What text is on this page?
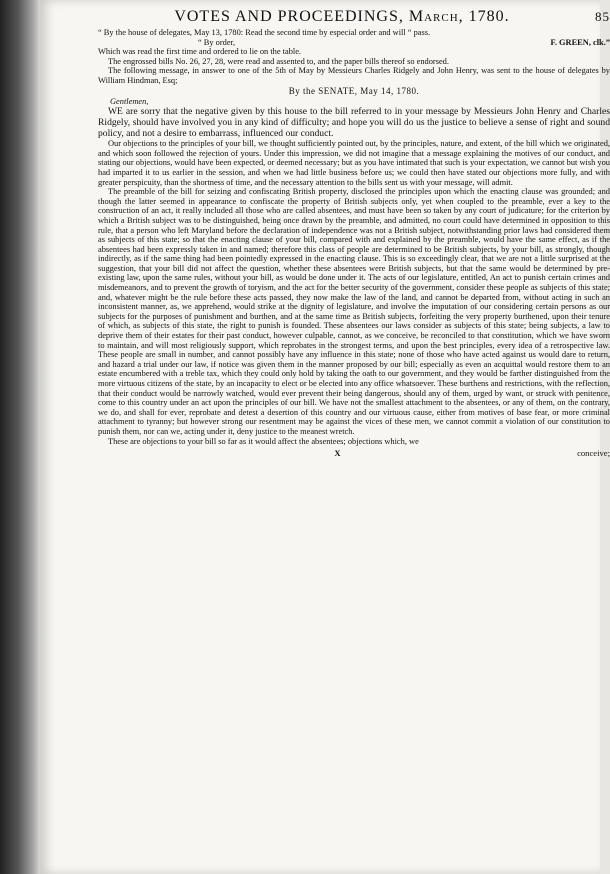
VOTES AND PROCEEDINGS, March, 1780.	85

“ By the house of delegates, May 13, 1780: Read the second time by especial order and will “ pass.

“ By order,	F. GREEN, clk.”

Which was read the first time and ordered to lie on the table.

The engrossed bills No. 26, 27, 28, were read and assented to, and the paper bills thereof so endorsed.

The following message, in answer to one of the 5th of May by Messieurs Charles Ridgely and John Henry, was sent to the house of delegates by William Hindman, Esq;

By the SENATE, May 14, 1780.
Gentlemen,

WE are sorry that the negative given by this house to the bill referred to in your message by Messieurs John Henry and Charles Ridgely, should have involved you in any kind of difficulty; and hope you will do us the justice to believe a sense of right and sound policy, and not a desire to embarrass, influenced our conduct.

Our objections to the principles of your bill, we thought sufficiently pointed out, by the principles, nature, and extent, of the bill which we originated, and which soon followed the rejection of yours. Under this impression, we did not imagine that a message explaining the motives of our conduct, and stating our objections, would have been expected, or deemed necessary; but as you have intimated that such is your expectation, we cannot but wish you had imparted it to us earlier in the session, and when we had little business before us; we could then have stated our objections more fully, and with greater perspicuity, than the shortness of time, and the necessary attention to the bills sent us with your message, will admit.

The preamble of the bill for seizing and confiscating British property, disclosed the principles upon which the enacting clause was grounded; and though the latter seemed in appearance to confiscate the property of British subjects only, yet when coupled to the preamble, ever a key to the construction of an act, it really included all those who are called absentees, and must have been so taken by any court of judicature; for the criterion by which a British subject was to be distinguished, being once drawn by the preamble, and admitted, no court could have determined in opposition to this rule, that a person who left Maryland before the declaration of independence was not a British subject, notwithstanding prior laws had considered them as subjects of this state; so that the enacting clause of your bill, compared with and explained by the preamble, would have the same effect, as if the absentees had been expressly taken in and named; therefore this class of people are determined to be British subjects, by your bill, as strongly, though indirectly, as if the same thing had been pointedly expressed in the enacting clause. This is so exceedingly clear, that we are not a little surprised at the suggestion, that your bill did not affect the question, whether these absentees were British subjects, but that the same would be determined by pre-existing law, upon the same rules, without your bill, as would be done under it. The acts of our legislature, entitled, An act to punish certain crimes and misdemeanors, and to prevent the growth of toryism, and the act for the better security of the government, consider these people as subjects of this state; and, whatever might be the rule before these acts passed, they now make the law of the land, and cannot be departed from, without acting in such an inconsistent manner, as, we apprehend, would strike at the dignity of legislature, and involve the imputation of our considering certain persons as our subjects for the purposes of punishment and burthen, and at the same time as British subjects, forfeiting the very property burthened, upon their tenure of which, as subjects of this state, the right to punish is founded. These absentees our laws consider as subjects of this state; being subjects, a law to deprive them of their estates for their past conduct, however culpable, cannot, as we conceive, be reconciled to that constitution, which we have sworn to maintain, and will most religiously support, which reprobates in the strongest terms, and upon the best principles, every idea of a retrospective law. These people are small in number, and cannot possibly have any influence in this state; none of those who have acted against us would dare to return, and hazard a trial under our law, if notice was given them in the manner proposed by our bill; especially as even an acquittal would restore them to an estate encumbered with a treble tax, which they could only hold by taking the oath to our government, and they would be farther distinguished from the more virtuous citizens of the state, by an incapacity to elect or be elected into any office whatsoever. These burthens and restrictions, with the reflection, that their conduct would be narrowly watched, would ever prevent their being dangerous, should any of them, urged by want, or struck with penitence, come to this country under an act upon the principles of our bill. We have not the smallest attachment to the absentees, or any of them, on the contrary, we do, and shall for ever, reprobate and detest a desertion of this country and our virtuous cause, either from motives of base fear, or more criminal attachment to tyranny; but however strong our resentment may be against the vices of these men, we cannot commit a violation of our constitution to punish them, nor can we, acting under it, deny justice to the meanest wretch.

These are objections to your bill so far as it would affect the absentees; objections which, we

X	conceive;
